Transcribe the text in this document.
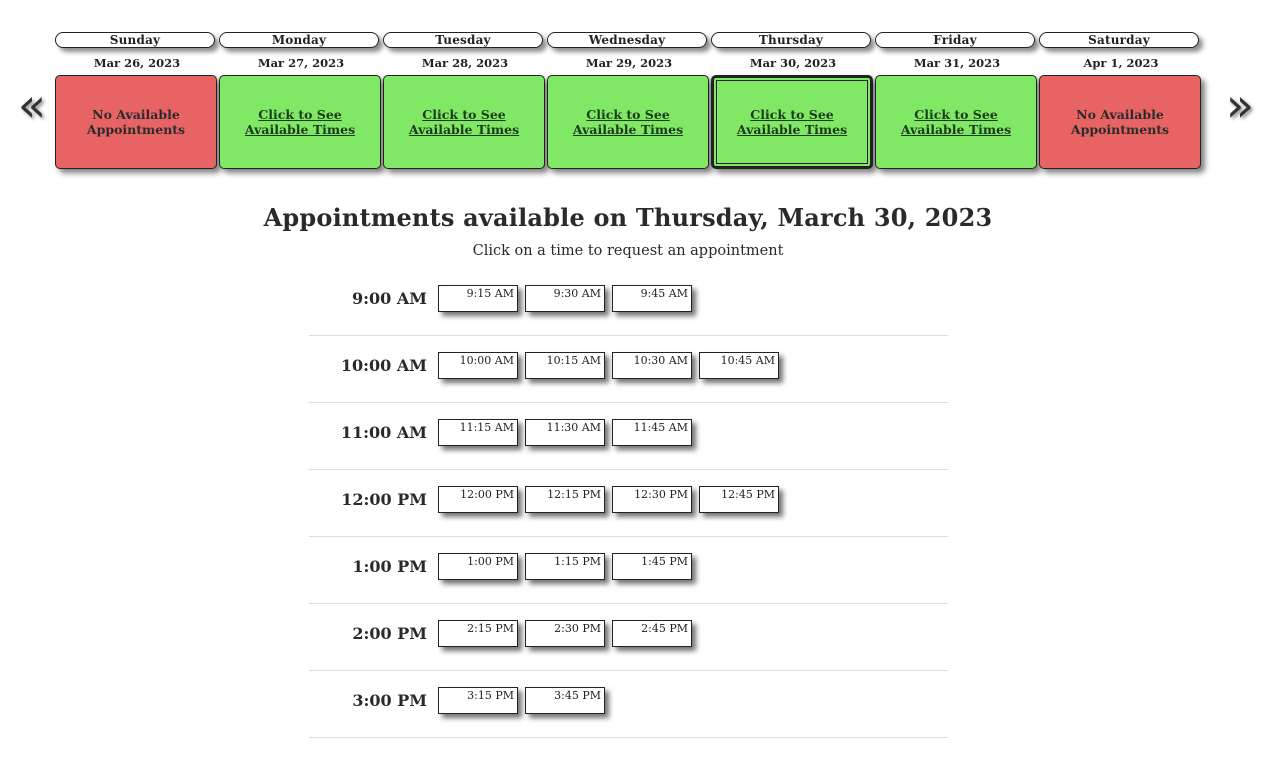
«
Sunday
Mar 26, 2023
No Available Appointments
Monday
Mar 27, 2023
Click to See Available Times
Tuesday
Mar 28, 2023
Click to See Available Times
Wednesday
Mar 29, 2023
Click to See Available Times
Thursday
Mar 30, 2023
Click to See Available Times
Friday
Mar 31, 2023
Click to See Available Times
Saturday
Apr 1, 2023
No Available Appointments	»
Appointments available on Thursday, March 30, 2023
Click on a time to request an appointment
9:00 AM	9:15 AM	9:30 AM	9:45 AM
10:00 AM	10:00 AM	10:15 AM	10:30 AM	10:45 AM
11:00 AM	11:15 AM	11:30 AM	11:45 AM
12:00 PM	12:00 PM	12:15 PM	12:30 PM	12:45 PM
1:00 PM	1:00 PM	1:15 PM	1:45 PM
2:00 PM	2:15 PM	2:30 PM	2:45 PM
3:00 PM	3:15 PM	3:45 PM
